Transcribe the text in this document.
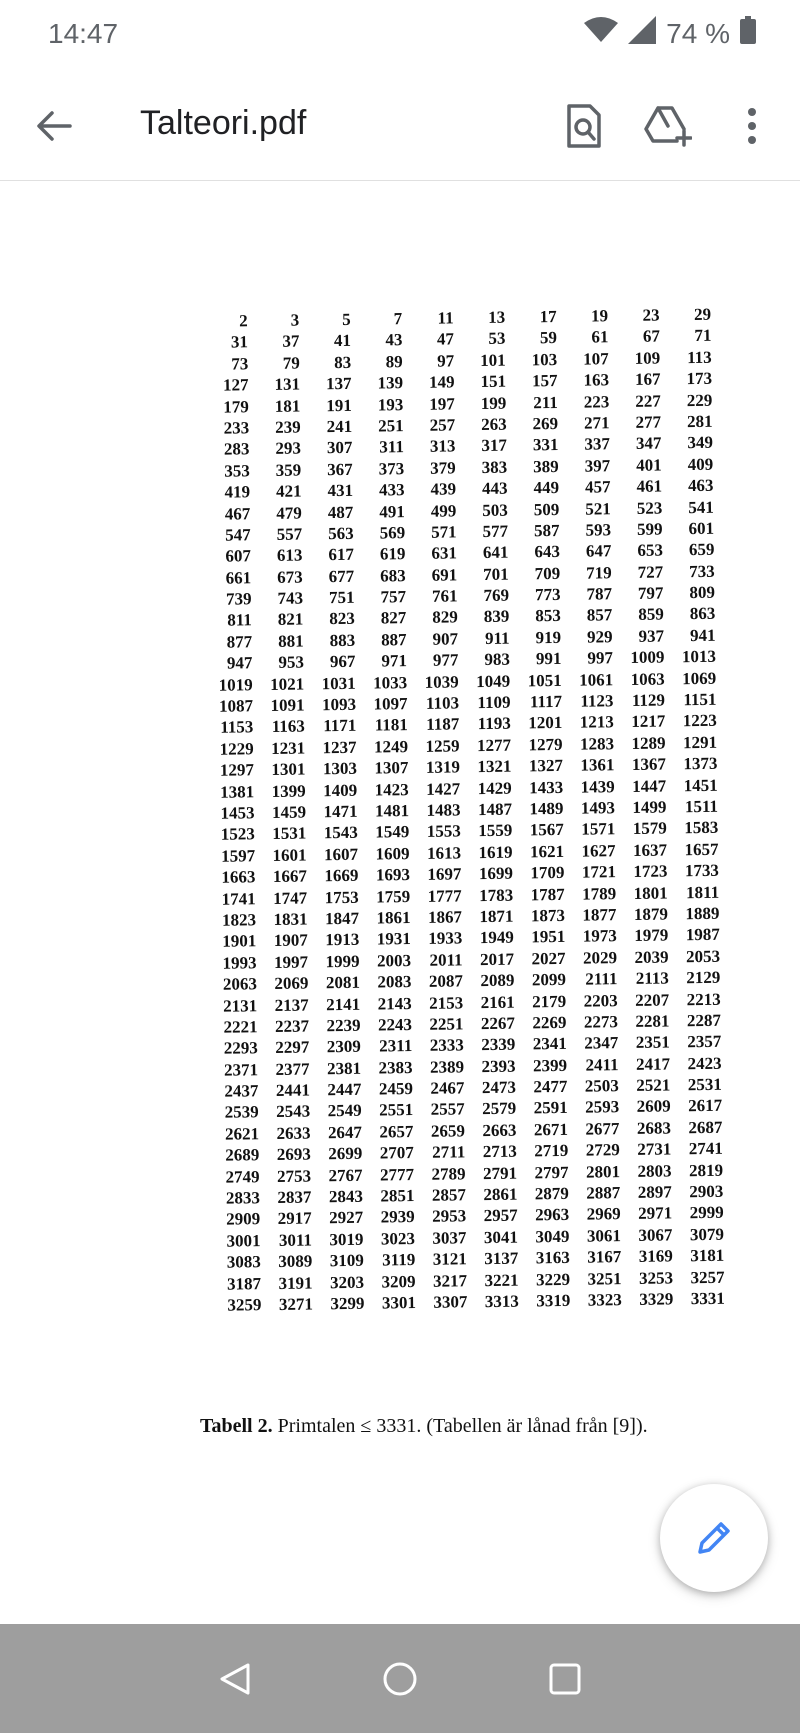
14:47	74 %
Talteori.pdf
2	3	5	7	11	13	17	19	23	29
31	37	41	43	47	53	59	61	67	71
73	79	83	89	97	101	103	107	109	113
127	131	137	139	149	151	157	163	167	173
179	181	191	193	197	199	211	223	227	229
233	239	241	251	257	263	269	271	277	281
283	293	307	311	313	317	331	337	347	349
353	359	367	373	379	383	389	397	401	409
419	421	431	433	439	443	449	457	461	463
467	479	487	491	499	503	509	521	523	541
547	557	563	569	571	577	587	593	599	601
607	613	617	619	631	641	643	647	653	659
661	673	677	683	691	701	709	719	727	733
739	743	751	757	761	769	773	787	797	809
811	821	823	827	829	839	853	857	859	863
877	881	883	887	907	911	919	929	937	941
947	953	967	971	977	983	991	997	1009	1013
1019	1021	1031	1033	1039	1049	1051	1061	1063	1069
1087	1091	1093	1097	1103	1109	1117	1123	1129	1151
1153	1163	1171	1181	1187	1193	1201	1213	1217	1223
1229	1231	1237	1249	1259	1277	1279	1283	1289	1291
1297	1301	1303	1307	1319	1321	1327	1361	1367	1373
1381	1399	1409	1423	1427	1429	1433	1439	1447	1451
1453	1459	1471	1481	1483	1487	1489	1493	1499	1511
1523	1531	1543	1549	1553	1559	1567	1571	1579	1583
1597	1601	1607	1609	1613	1619	1621	1627	1637	1657
1663	1667	1669	1693	1697	1699	1709	1721	1723	1733
1741	1747	1753	1759	1777	1783	1787	1789	1801	1811
1823	1831	1847	1861	1867	1871	1873	1877	1879	1889
1901	1907	1913	1931	1933	1949	1951	1973	1979	1987
1993	1997	1999	2003	2011	2017	2027	2029	2039	2053
2063	2069	2081	2083	2087	2089	2099	2111	2113	2129
2131	2137	2141	2143	2153	2161	2179	2203	2207	2213
2221	2237	2239	2243	2251	2267	2269	2273	2281	2287
2293	2297	2309	2311	2333	2339	2341	2347	2351	2357
2371	2377	2381	2383	2389	2393	2399	2411	2417	2423
2437	2441	2447	2459	2467	2473	2477	2503	2521	2531
2539	2543	2549	2551	2557	2579	2591	2593	2609	2617
2621	2633	2647	2657	2659	2663	2671	2677	2683	2687
2689	2693	2699	2707	2711	2713	2719	2729	2731	2741
2749	2753	2767	2777	2789	2791	2797	2801	2803	2819
2833	2837	2843	2851	2857	2861	2879	2887	2897	2903
2909	2917	2927	2939	2953	2957	2963	2969	2971	2999
3001	3011	3019	3023	3037	3041	3049	3061	3067	3079
3083	3089	3109	3119	3121	3137	3163	3167	3169	3181
3187	3191	3203	3209	3217	3221	3229	3251	3253	3257
3259	3271	3299	3301	3307	3313	3319	3323	3329	3331
Tabell 2. Primtalen ≤ 3331. (Tabellen är lånad från [9]).
